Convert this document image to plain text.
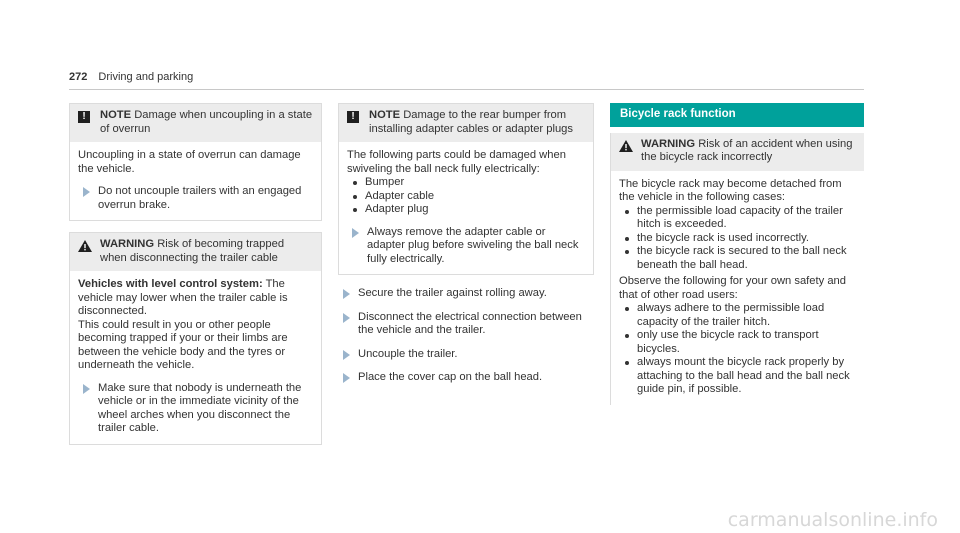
272 Driving and parking
!	NOTE Damage when uncoupling in a state of overrun
Uncoupling in a state of overrun can damage the vehicle.
Do not uncouple trailers with an engaged overrun brake.
WARNING Risk of becoming trapped when disconnecting the trailer cable
Vehicles with level control system: The vehicle may lower when the trailer cable is disconnected.
This could result in you or other people becoming trapped if your or their limbs are between the vehicle body and the tyres or underneath the vehicle.
Make sure that nobody is underneath the vehicle or in the immediate vicinity of the wheel arches when you disconnect the trailer cable.
!	NOTE Damage to the rear bumper from installing adapter cables or adapter plugs
The following parts could be damaged when swiveling the ball neck fully electrically:
Bumper
Adapter cable
Adapter plug
Always remove the adapter cable or adapter plug before swiveling the ball neck fully electrically.
Secure the trailer against rolling away.
Disconnect the electrical connection between the vehicle and the trailer.
Uncouple the trailer.
Place the cover cap on the ball head.
Bicycle rack function
WARNING Risk of an accident when using the bicycle rack incorrectly
The bicycle rack may become detached from the vehicle in the following cases:
the permissible load capacity of the trailer hitch is exceeded.
the bicycle rack is used incorrectly.
the bicycle rack is secured to the ball neck beneath the ball head.
Observe the following for your own safety and that of other road users:
always adhere to the permissible load capacity of the trailer hitch.
only use the bicycle rack to transport bicycles.
always mount the bicycle rack properly by attaching to the ball head and the ball neck guide pin, if possible.
carmanualsonline.info
